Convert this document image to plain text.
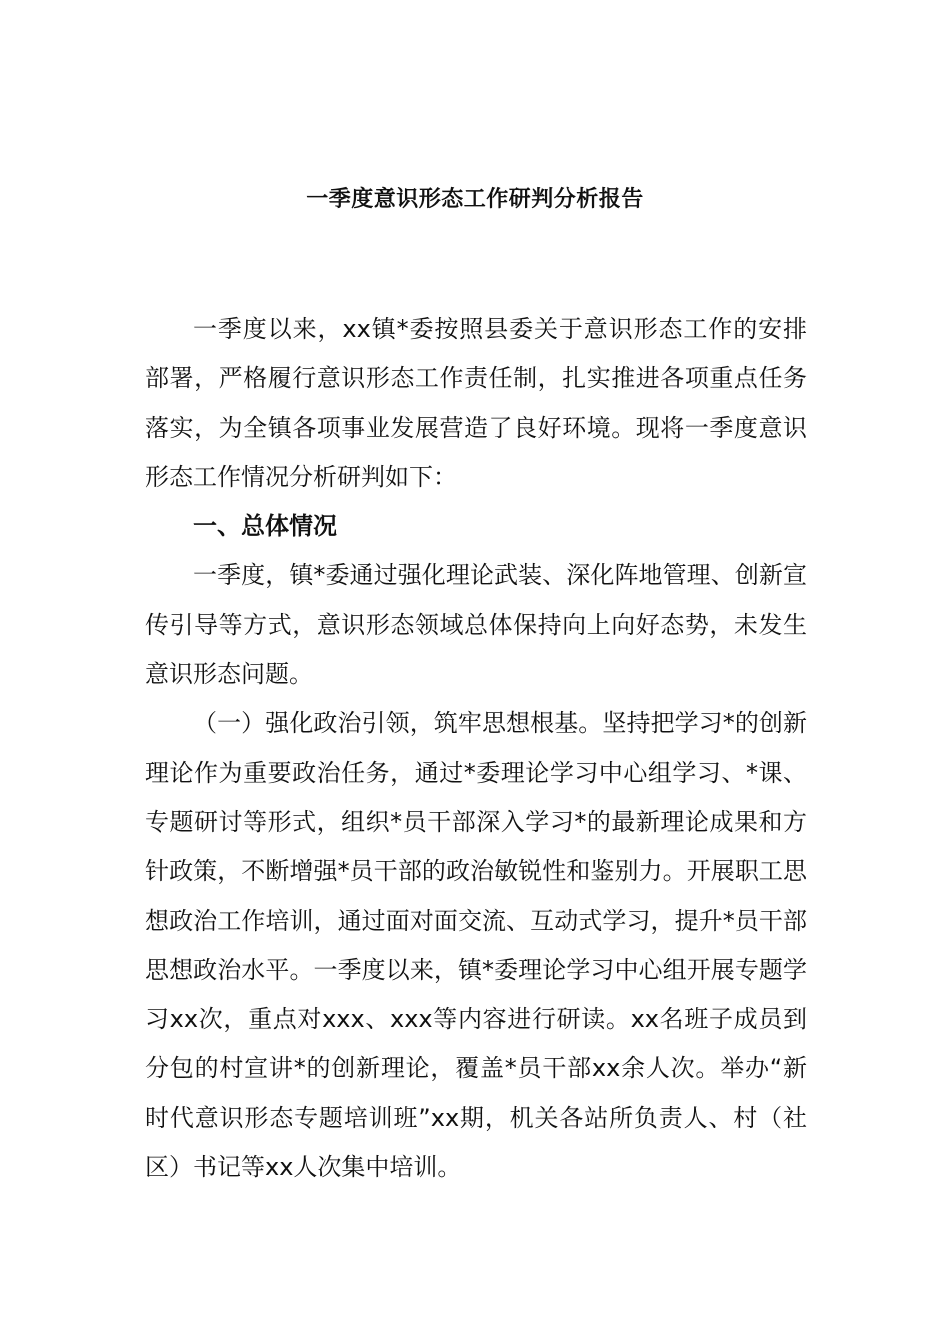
一季度意识形态工作研判分析报告

一季度以来，xx镇*委按照县委关于意识形态工作的安排部署，严格履行意识形态工作责任制，扎实推进各项重点任务落实，为全镇各项事业发展营造了良好环境。现将一季度意识形态工作情况分析研判如下：

一、总体情况

一季度，镇*委通过强化理论武装、深化阵地管理、创新宣传引导等方式，意识形态领域总体保持向上向好态势，未发生意识形态问题。

（一）强化政治引领，筑牢思想根基。坚持把学习*的创新理论作为重要政治任务，通过*委理论学习中心组学习、*课、专题研讨等形式，组织*员干部深入学习*的最新理论成果和方针政策，不断增强*员干部的政治敏锐性和鉴别力。开展职工思想政治工作培训，通过面对面交流、互动式学习，提升*员干部思想政治水平。一季度以来，镇*委理论学习中心组开展专题学习xx次，重点对xxx、xxx等内容进行研读。xx名班子成员到分包的村宣讲*的创新理论，覆盖*员干部xx余人次。举办“新时代意识形态专题培训班”xx期，机关各站所负责人、村（社区）书记等xx人次集中培训。
